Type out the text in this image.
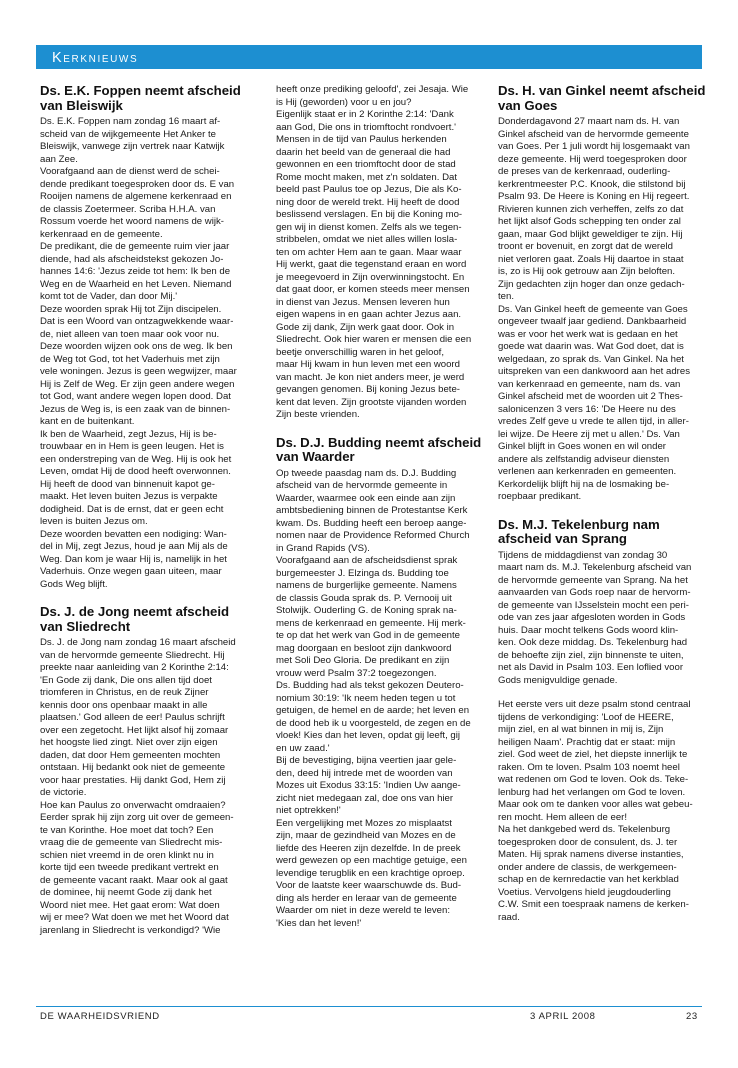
Kerknieuws
Ds. E.K. Foppen neemt afscheid van Bleiswijk

Ds. E.K. Foppen nam zondag 16 maart af-

scheid van de wijkgemeente Het Anker te

Bleiswijk, vanwege zijn vertrek naar Katwijk

aan Zee.

Voorafgaand aan de dienst werd de schei-

dende predikant toegesproken door ds. E van

Rooijen namens de algemene kerkenraad en

de classis Zoetermeer. Scriba H.H.A. van

Rossum voerde het woord namens de wijk-

kerkenraad en de gemeente.

De predikant, die de gemeente ruim vier jaar

diende, had als afscheidstekst gekozen Jo-

hannes 14:6: 'Jezus zeide tot hem: Ik ben de

Weg en de Waarheid en het Leven. Niemand

komt tot de Vader, dan door Mij.'

Deze woorden sprak Hij tot Zijn discipelen.

Dat is een Woord van ontzagwekkende waar-

de, niet alleen van toen maar ook voor nu.

Deze woorden wijzen ook ons de weg. Ik ben

de Weg tot God, tot het Vaderhuis met zijn

vele woningen. Jezus is geen wegwijzer, maar

Hij is Zelf de Weg. Er zijn geen andere wegen

tot God, want andere wegen lopen dood. Dat

Jezus de Weg is, is een zaak van de binnen-

kant en de buitenkant.

Ik ben de Waarheid, zegt Jezus, Hij is be-

trouwbaar en in Hem is geen leugen. Het is

een onderstreping van de Weg. Hij is ook het

Leven, omdat Hij de dood heeft overwonnen.

Hij heeft de dood van binnenuit kapot ge-

maakt. Het leven buiten Jezus is verpakte

dodigheid. Dat is de ernst, dat er geen echt

leven is buiten Jezus om.

Deze woorden bevatten een nodiging: Wan-

del in Mij, zegt Jezus, houd je aan Mij als de

Weg. Dan kom je waar Hij is, namelijk in het

Vaderhuis. Onze wegen gaan uiteen, maar

Gods Weg blijft.

Ds. J. de Jong neemt afscheid van Sliedrecht

Ds. J. de Jong nam zondag 16 maart afscheid

van de hervormde gemeente Sliedrecht. Hij

preekte naar aanleiding van 2 Korinthe 2:14:

'En Gode zij dank, Die ons allen tijd doet

triomferen in Christus, en de reuk Zijner

kennis door ons openbaar maakt in alle

plaatsen.' God alleen de eer! Paulus schrijft

over een zegetocht. Het lijkt alsof hij zomaar

het hoogste lied zingt. Niet over zijn eigen

daden, dat door Hem gemeenten mochten

ontstaan. Hij bedankt ook niet de gemeente

voor haar prestaties. Hij dankt God, Hem zij

de victorie.

Hoe kan Paulus zo onverwacht omdraaien?

Eerder sprak hij zijn zorg uit over de gemeen-

te van Korinthe. Hoe moet dat toch? Een

vraag die de gemeente van Sliedrecht mis-

schien niet vreemd in de oren klinkt nu in

korte tijd een tweede predikant vertrekt en

de gemeente vacant raakt. Maar ook al gaat

de dominee, hij neemt Gode zij dank het

Woord niet mee. Het gaat erom: Wat doen

wij er mee? Wat doen we met het Woord dat

jarenlang in Sliedrecht is verkondigd? 'Wie

heeft onze prediking geloofd', zei Jesaja. Wie

is Hij (geworden) voor u en jou?

Eigenlijk staat er in 2 Korinthe 2:14: 'Dank

aan God, Die ons in triomftocht rondvoert.'

Mensen in de tijd van Paulus herkenden

daarin het beeld van de generaal die had

gewonnen en een triomftocht door de stad

Rome mocht maken, met z'n soldaten. Dat

beeld past Paulus toe op Jezus, Die als Ko-

ning door de wereld trekt. Hij heeft de dood

beslissend verslagen. En bij die Koning mo-

gen wij in dienst komen. Zelfs als we tegen-

stribbelen, omdat we niet alles willen losla-

ten om achter Hem aan te gaan. Maar waar

Hij werkt, gaat die tegenstand eraan en word

je meegevoerd in Zijn overwinningstocht. En

dat gaat door, er komen steeds meer mensen

in dienst van Jezus. Mensen leveren hun

eigen wapens in en gaan achter Jezus aan.

Gode zij dank, Zijn werk gaat door. Ook in

Sliedrecht. Ook hier waren er mensen die een

beetje onverschillig waren in het geloof,

maar Hij kwam in hun leven met een woord

van macht. Je kon niet anders meer, je werd

gevangen genomen. Bij koning Jezus bete-

kent dat leven. Zijn grootste vijanden worden

Zijn beste vrienden.

Ds. D.J. Budding neemt afscheid van Waarder

Op tweede paasdag nam ds. D.J. Budding

afscheid van de hervormde gemeente in

Waarder, waarmee ook een einde aan zijn

ambtsbediening binnen de Protestantse Kerk

kwam. Ds. Budding heeft een beroep aange-

nomen naar de Providence Reformed Church

in Grand Rapids (VS).

Voorafgaand aan de afscheidsdienst sprak

burgemeester J. Elzinga ds. Budding toe

namens de burgerlijke gemeente. Namens

de classis Gouda sprak ds. P. Vernooij uit

Stolwijk. Ouderling G. de Koning sprak na-

mens de kerkenraad en gemeente. Hij merk-

te op dat het werk van God in de gemeente

mag doorgaan en besloot zijn dankwoord

met Soli Deo Gloria. De predikant en zijn

vrouw werd Psalm 37:2 toegezongen.

Ds. Budding had als tekst gekozen Deutero-

nomium 30:19: 'Ik neem heden tegen u tot

getuigen, de hemel en de aarde; het leven en

de dood heb ik u voorgesteld, de zegen en de

vloek! Kies dan het leven, opdat gij leeft, gij

en uw zaad.'

Bij de bevestiging, bijna veertien jaar gele-

den, deed hij intrede met de woorden van

Mozes uit Exodus 33:15: 'Indien Uw aange-

zicht niet medegaan zal, doe ons van hier

niet optrekken!'

Een vergelijking met Mozes zo misplaatst

zijn, maar de gezindheid van Mozes en de

liefde des Heeren zijn dezelfde. In de preek

werd gewezen op een machtige getuige, een

levendige terugblik en een krachtige oproep.

Voor de laatste keer waarschuwde ds. Bud-

ding als herder en leraar van de gemeente

Waarder om niet in deze wereld te leven:

'Kies dan het leven!'

Ds. H. van Ginkel neemt afscheid van Goes

Donderdagavond 27 maart nam ds. H. van

Ginkel afscheid van de hervormde gemeente

van Goes. Per 1 juli wordt hij losgemaakt van

deze gemeente. Hij werd toegesproken door

de preses van de kerkenraad, ouderling-

kerkrentmeester P.C. Knook, die stilstond bij

Psalm 93. De Heere is Koning en Hij regeert.

Rivieren kunnen zich verheffen, zelfs zo dat

het lijkt alsof Gods schepping ten onder zal

gaan, maar God blijkt geweldiger te zijn. Hij

troont er bovenuit, en zorgt dat de wereld

niet verloren gaat. Zoals Hij daartoe in staat

is, zo is Hij ook getrouw aan Zijn beloften.

Zijn gedachten zijn hoger dan onze gedach-

ten.

Ds. Van Ginkel heeft de gemeente van Goes

ongeveer twaalf jaar gediend. Dankbaarheid

was er voor het werk wat is gedaan en het

goede wat daarin was. Wat God doet, dat is

welgedaan, zo sprak ds. Van Ginkel. Na het

uitspreken van een dankwoord aan het adres

van kerkenraad en gemeente, nam ds. van

Ginkel afscheid met de woorden uit 2 Thes-

salonicenzen 3 vers 16: 'De Heere nu des

vredes Zelf geve u vrede te allen tijd, in aller-

lei wijze. De Heere zij met u allen.' Ds. Van

Ginkel blijft in Goes wonen en wil onder

andere als zelfstandig adviseur diensten

verlenen aan kerkenraden en gemeenten.

Kerkordelijk blijft hij na de losmaking be-

roepbaar predikant.

Ds. M.J. Tekelenburg nam afscheid van Sprang

Tijdens de middagdienst van zondag 30

maart nam ds. M.J. Tekelenburg afscheid van

de hervormde gemeente van Sprang. Na het

aanvaarden van Gods roep naar de hervorm-

de gemeente van IJsselstein mocht een peri-

ode van zes jaar afgesloten worden in Gods

huis. Daar mocht telkens Gods woord klin-

ken. Ook deze middag. Ds. Tekelenburg had

de behoefte zijn ziel, zijn binnenste te uiten,

net als David in Psalm 103. Een loflied voor

Gods menigvuldige genade.

Het eerste vers uit deze psalm stond centraal

tijdens de verkondiging: 'Loof de HEERE,

mijn ziel, en al wat binnen in mij is, Zijn

heiligen Naam'. Prachtig dat er staat: mijn

ziel. God weet de ziel, het diepste innerlijk te

raken. Om te loven. Psalm 103 noemt heel

wat redenen om God te loven. Ook ds. Teke-

lenburg had het verlangen om God te loven.

Maar ook om te danken voor alles wat gebeu-

ren mocht. Hem alleen de eer!

Na het dankgebed werd ds. Tekelenburg

toegesproken door de consulent, ds. J. ter

Maten. Hij sprak namens diverse instanties,

onder andere de classis, de werkgemeen-

schap en de kernredactie van het kerkblad

Voetius. Vervolgens hield jeugdouderling

C.W. Smit een toespraak namens de kerken-

raad.

DE WAARHEIDSVRIEND	3 APRIL 2008	23
